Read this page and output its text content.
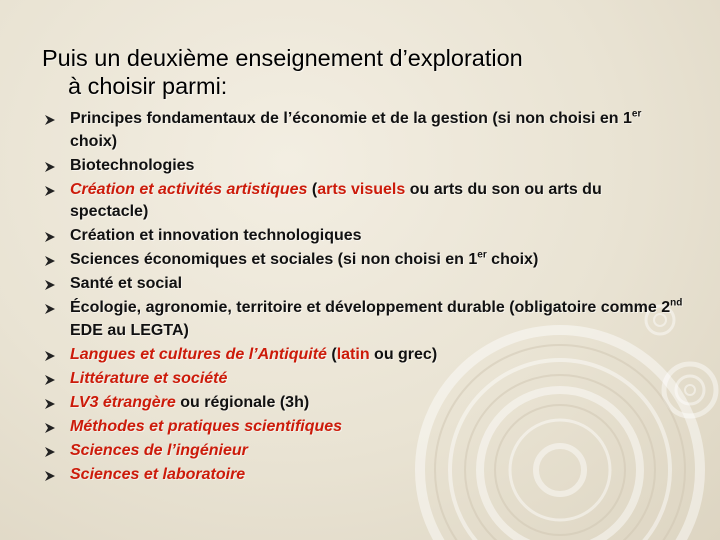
Puis un deuxième enseignement d’exploration
à choisir parmi:
Principes fondamentaux de l’économie et de la gestion (si non choisi en 1er choix)
Biotechnologies
Création et activités artistiques (arts visuels ou arts du son ou arts du spectacle)
Création et innovation technologiques
Sciences économiques et sociales (si non choisi en 1er choix)
Santé et social
Écologie, agronomie, territoire et développement durable (obligatoire comme 2nd EDE au LEGTA)
Langues et cultures de l’Antiquité (latin ou grec)
Littérature et société
LV3 étrangère ou régionale (3h)
Méthodes et pratiques scientifiques
Sciences de l’ingénieur
Sciences et laboratoire
